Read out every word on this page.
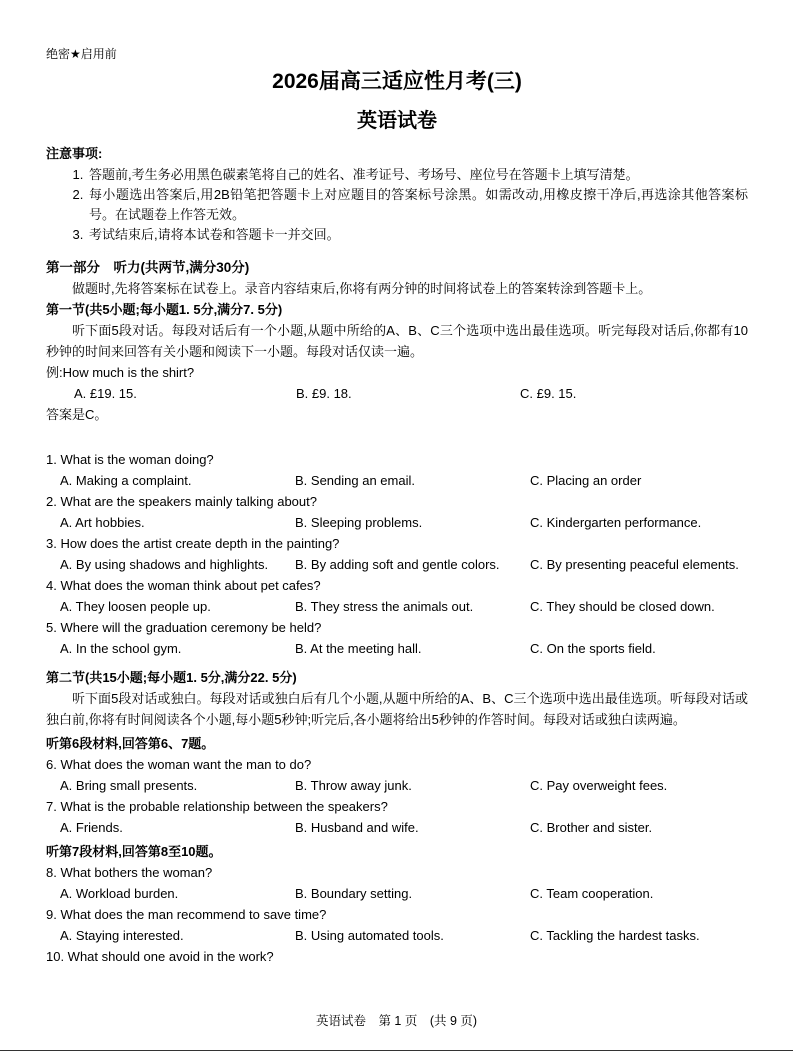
绝密★启用前
2026届高三适应性月考(三)
英语试卷
注意事项:
1. 答题前,考生务必用黑色碳素笔将自己的姓名、准考证号、考场号、座位号在答题卡上填写清楚。
2. 每小题选出答案后,用2B铅笔把答题卡上对应题目的答案标号涂黑。如需改动,用橡皮擦干净后,再选涂其他答案标号。在试题卷上作答无效。
3. 考试结束后,请将本试卷和答题卡一并交回。
第一部分　听力(共两节,满分30分)

做题时,先将答案标在试卷上。录音内容结束后,你将有两分钟的时间将试卷上的答案转涂到答题卡上。

第一节(共5小题;每小题1. 5分,满分7. 5分)

听下面5段对话。每段对话后有一个小题,从题中所给的A、B、C三个选项中选出最佳选项。听完每段对话后,你都有10秒钟的时间来回答有关小题和阅读下一小题。每段对话仅读一遍。

例:How much is the shirt?
A. £19. 15.	B. £9. 18.	C. £9. 15.
答案是C。
1. What is the woman doing?
A. Making a complaint.	B. Sending an email.	C. Placing an order
2. What are the speakers mainly talking about?
A. Art hobbies.	B. Sleeping problems.	C. Kindergarten performance.
3. How does the artist create depth in the painting?
A. By using shadows and highlights.	B. By adding soft and gentle colors.	C. By presenting peaceful elements.
4. What does the woman think about pet cafes?
A. They loosen people up.	B. They stress the animals out.	C. They should be closed down.
5. Where will the graduation ceremony be held?
A. In the school gym.	B. At the meeting hall.	C. On the sports field.
第二节(共15小题;每小题1. 5分,满分22. 5分)

听下面5段对话或独白。每段对话或独白后有几个小题,从题中所给的A、B、C三个选项中选出最佳选项。听每段对话或独白前,你将有时间阅读各个小题,每小题5秒钟;听完后,各小题将给出5秒钟的作答时间。每段对话或独白读两遍。

听第6段材料,回答第6、7题。
6. What does the woman want the man to do?
A. Bring small presents.	B. Throw away junk.	C. Pay overweight fees.
7. What is the probable relationship between the speakers?
A. Friends.	B. Husband and wife.	C. Brother and sister.
听第7段材料,回答第8至10题。
8. What bothers the woman?
A. Workload burden.	B. Boundary setting.	C. Team cooperation.
9. What does the man recommend to save time?
A. Staying interested.	B. Using automated tools.	C. Tackling the hardest tasks.
10. What should one avoid in the work?
英语试卷　第 1 页　(共 9 页)
